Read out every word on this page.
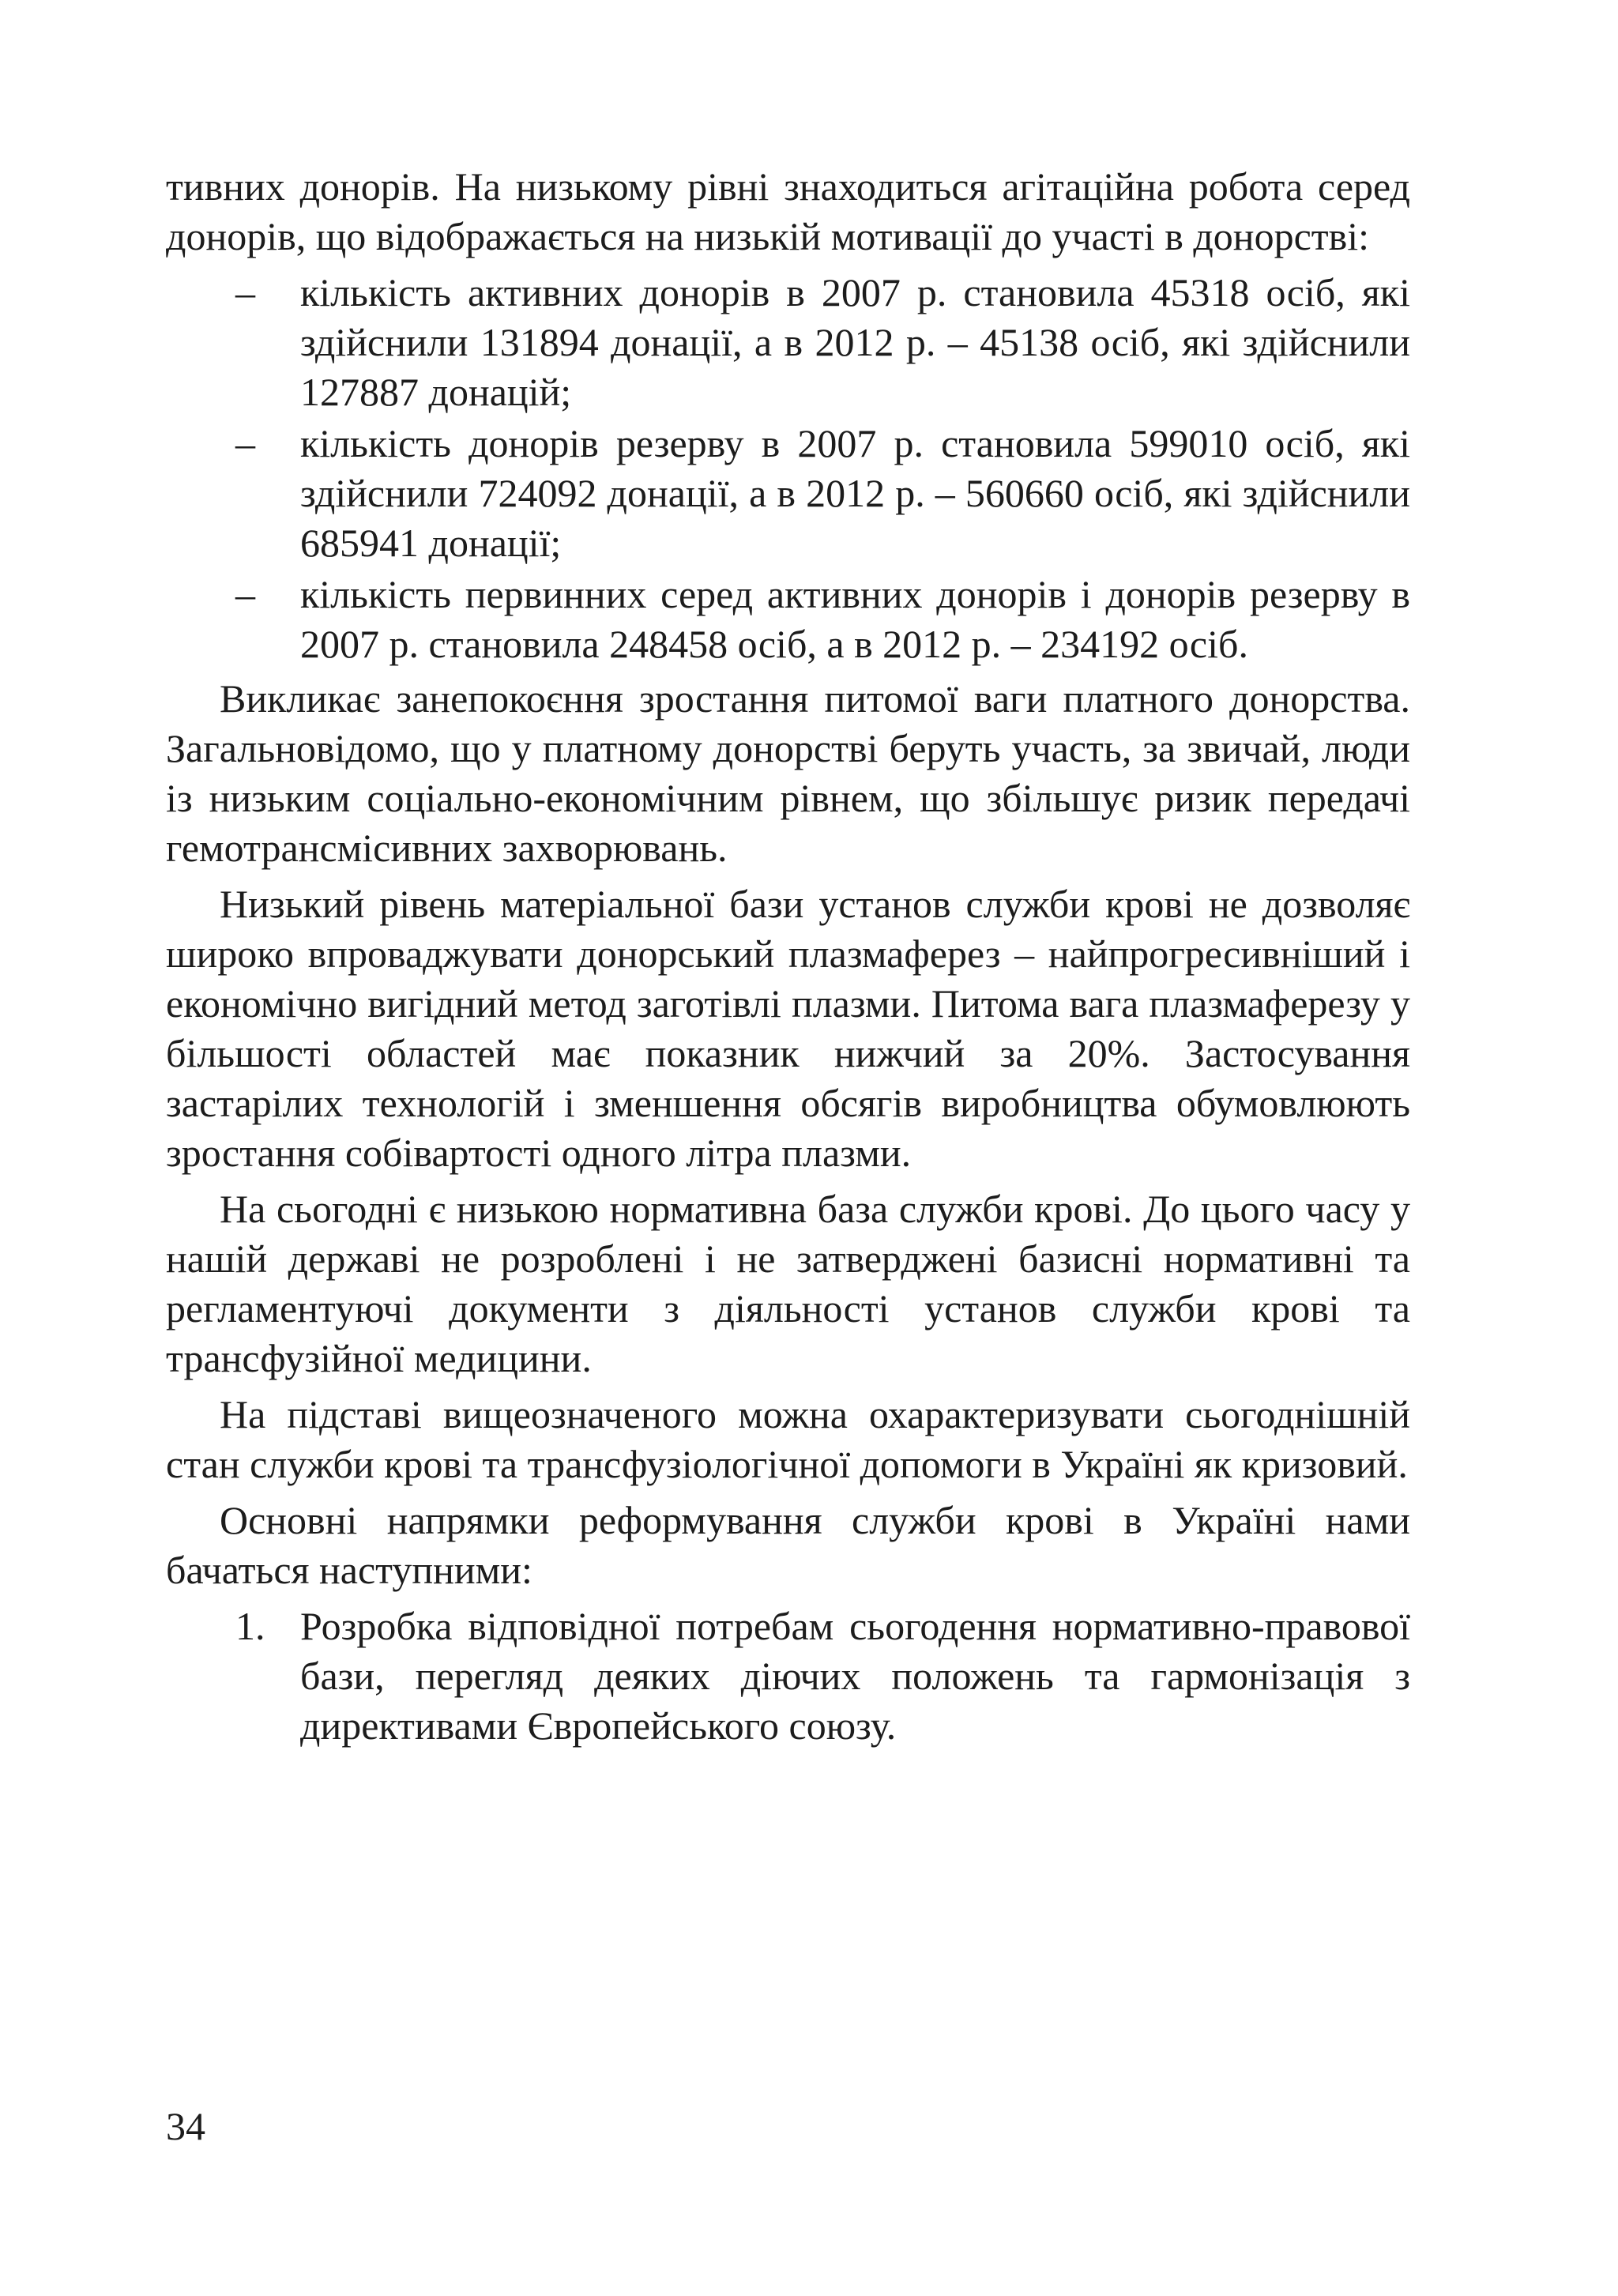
тивних донорів. На низькому рівні знаходиться агітаційна робота серед донорів, що відображається на низькій мотивації до участі в донорстві:

– кількість активних донорів в 2007 р. становила 45318 осіб, які здійснили 131894 донації, а в 2012 р. – 45138 осіб, які здійснили 127887 донацій;
– кількість донорів резерву в 2007 р. становила 599010 осіб, які здійснили 724092 донації, а в 2012 р. – 560660 осіб, які здійснили 685941 донації;
– кількість первинних серед активних донорів і донорів резерву в 2007 р. становила 248458 осіб, а в 2012 р. – 234192 осіб.

Викликає занепокоєння зростання питомої ваги платного донорства. Загальновідомо, що у платному донорстві беруть участь, за звичай, люди із низьким соціально-економічним рівнем, що збільшує ризик передачі гемотрансмісивних захворювань.

Низький рівень матеріальної бази установ служби крові не дозволяє широко впроваджувати донорський плазмаферез – найпрогресивніший і економічно вигідний метод заготівлі плазми. Питома вага плазмаферезу у більшості областей має показник нижчий за 20%. Застосування застарілих технологій і зменшення обсягів виробництва обумовлюють зростання собівартості одного літра плазми.

На сьогодні є низькою нормативна база служби крові. До цього часу у нашій державі не розроблені і не затверджені базисні нормативні та регламентуючі документи з діяльності установ служби крові та трансфузійної медицини.

На підставі вищеозначеного можна охарактеризувати сьогоднішній стан служби крові та трансфузіологічної допомоги в Україні як кризовий.

Основні напрямки реформування служби крові в Україні нами бачаться наступними:

1. Розробка відповідної потребам сьогодення нормативно-правової бази, перегляд деяких діючих положень та гармонізація з директивами Європейського союзу.
34
